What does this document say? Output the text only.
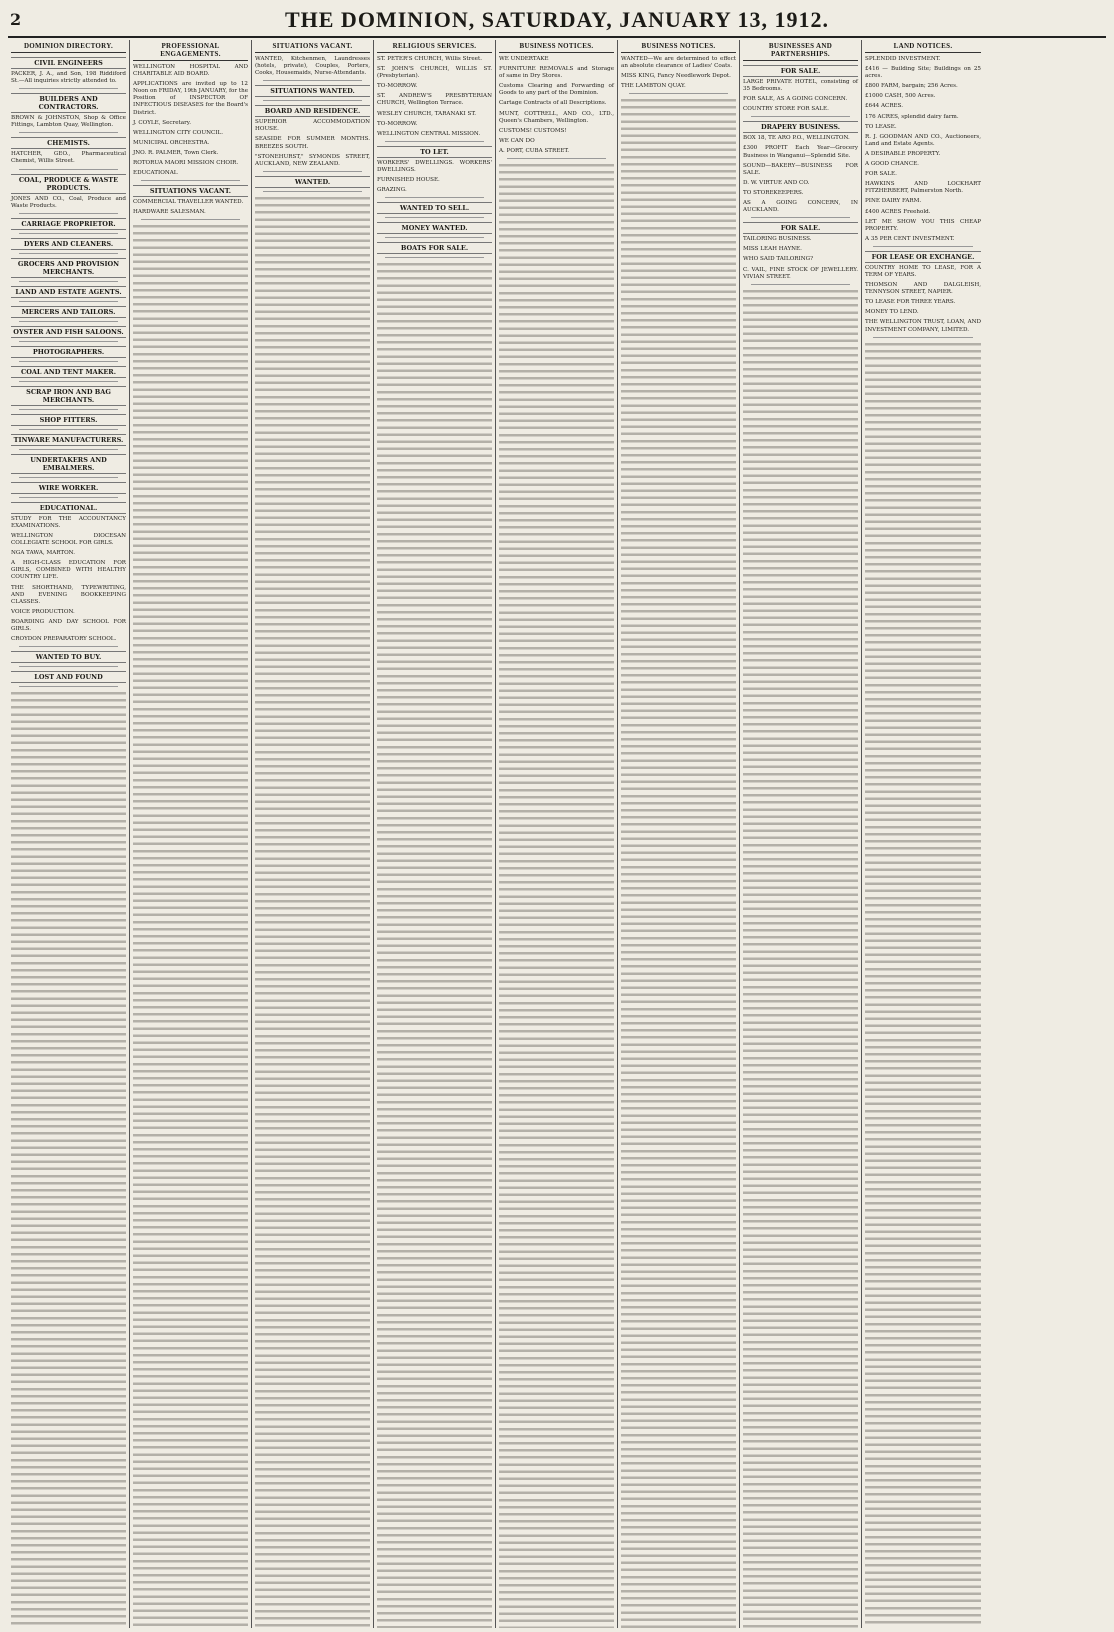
2	THE DOMINION, SATURDAY, JANUARY 13, 1912.
DOMINION DIRECTORY.
CIVIL ENGINEERS
PACKER, J. A., and Son, 198 Riddiford St.—All inquiries strictly attended to.
BUILDERS AND CONTRACTORS.
BROWN & JOHNSTON, Shop & Office Fittings, Lambton Quay, Wellington.
CHEMISTS.
HATCHER, GEO., Pharmaceutical Chemist, Willis Street.
COAL, PRODUCE & WASTE PRODUCTS.
JONES AND CO., Coal, Produce and Waste Products.
CARRIAGE PROPRIETOR.
DYERS AND CLEANERS.
GROCERS AND PROVISION MERCHANTS.
LAND AND ESTATE AGENTS.
MERCERS AND TAILORS.
OYSTER AND FISH SALOONS.
PHOTOGRAPHERS.
COAL AND TENT MAKER.
SCRAP IRON AND BAG MERCHANTS.
SHOP FITTERS.
TINWARE MANUFACTURERS.
UNDERTAKERS AND EMBALMERS.
WIRE WORKER.
EDUCATIONAL.
STUDY FOR THE ACCOUNTANCY EXAMINATIONS.
WELLINGTON DIOCESAN COLLEGIATE SCHOOL FOR GIRLS.
NGA TAWA, MARTON.
A HIGH-CLASS EDUCATION FOR GIRLS, COMBINED WITH HEALTHY COUNTRY LIFE.
THE SHORTHAND, TYPEWRITING, AND EVENING BOOKKEEPING CLASSES.
VOICE PRODUCTION.
BOARDING AND DAY SCHOOL FOR GIRLS.
CROYDON PREPARATORY SCHOOL.
WANTED TO BUY.
LOST AND FOUND
PROFESSIONAL ENGAGEMENTS.
WELLINGTON HOSPITAL AND CHARITABLE AID BOARD.
APPLICATIONS are invited up to 12 Noon on FRIDAY, 19th JANUARY, for the Position of INSPECTOR OF INFECTIOUS DISEASES for the Board's District.
J. COYLE, Secretary.
WELLINGTON CITY COUNCIL.
MUNICIPAL ORCHESTRA.
JNO. R. PALMER, Town Clerk.
ROTORUA MAORI MISSION CHOIR.
EDUCATIONAL
SITUATIONS VACANT.
COMMERCIAL TRAVELLER WANTED.
HARDWARE SALESMAN.
SITUATIONS VACANT.
WANTED, Kitchenmen, Laundresses (hotels, private), Couples, Porters, Cooks, Housemaids, Nurse-Attendants.
SITUATIONS WANTED.
BOARD AND RESIDENCE.
SUPERIOR ACCOMMODATION HOUSE.
SEASIDE FOR SUMMER MONTHS. BREEZES SOUTH.
"STONEHURST," SYMONDS STREET, AUCKLAND, NEW ZEALAND.
WANTED.
RELIGIOUS SERVICES.
ST. PETER'S CHURCH, Willis Street.
ST. JOHN'S CHURCH, WILLIS ST. (Presbyterian).
TO-MORROW.
ST. ANDREW'S PRESBYTERIAN CHURCH, Wellington Terrace.
WESLEY CHURCH, TARANAKI ST.
TO-MORROW.
WELLINGTON CENTRAL MISSION.
TO LET.
WORKERS' DWELLINGS. WORKERS' DWELLINGS.
FURNISHED HOUSE.
GRAZING.
WANTED TO SELL.
MONEY WANTED.
BOATS FOR SALE.
BUSINESS NOTICES.
WE UNDERTAKE
FURNITURE REMOVALS and Storage of same in Dry Stores.
Customs Clearing and Forwarding of Goods to any part of the Dominion.
Cartage Contracts of all Descriptions.
MUNT, COTTRELL, AND CO., LTD., Queen's Chambers, Wellington.
CUSTOMS! CUSTOMS!
WE CAN DO
A. PORT, CUBA STREET.
BUSINESS NOTICES.
WANTED—We are determined to effect an absolute clearance of Ladies' Coats.
MISS KING, Fancy Needlework Depot.
THE LAMBTON QUAY.
BUSINESSES AND PARTNERSHIPS.
FOR SALE.
LARGE PRIVATE HOTEL, consisting of 35 Bedrooms.
FOR SALE, AS A GOING CONCERN.
COUNTRY STORE FOR SALE.
DRAPERY BUSINESS.
BOX 18, TE ARO P.O., WELLINGTON.
£300 PROFIT Each Year—Grocery Business in Wanganui—Splendid Site.
SOUND—BAKERY—BUSINESS FOR SALE.
D. W. VIRTUE AND CO.
TO STOREKEEPERS.
AS A GOING CONCERN, IN AUCKLAND.
FOR SALE.
TAILORING BUSINESS.
MISS LEAH HAYNE.
WHO SAID TAILORING?
C. VAIL, FINE STOCK OF JEWELLERY. VIVIAN STREET.
LAND NOTICES.
SPLENDID INVESTMENT.
£416 — Building Site; Buildings on 25 acres.
£800 FARM, bargain; 256 Acres.
£1000 CASH, 500 Acres.
£644 ACRES.
176 ACRES, splendid dairy farm.
TO LEASE.
R. J. GOODMAN AND CO., Auctioneers, Land and Estate Agents.
A DESIRABLE PROPERTY.
A GOOD CHANCE.
FOR SALE.
HAWKINS AND LOCKHART FITZHERBERT, Palmerston North.
PINE DAIRY FARM.
£400 ACRES Freehold.
LET ME SHOW YOU THIS CHEAP PROPERTY.
A 35 PER CENT INVESTMENT.
FOR LEASE OR EXCHANGE.
COUNTRY HOME TO LEASE, FOR A TERM OF YEARS.
THOMSON AND DALGLEISH, TENNYSON STREET, NAPIER.
TO LEASE FOR THREE YEARS.
MONEY TO LEND.
THE WELLINGTON TRUST, LOAN, AND INVESTMENT COMPANY, LIMITED.
